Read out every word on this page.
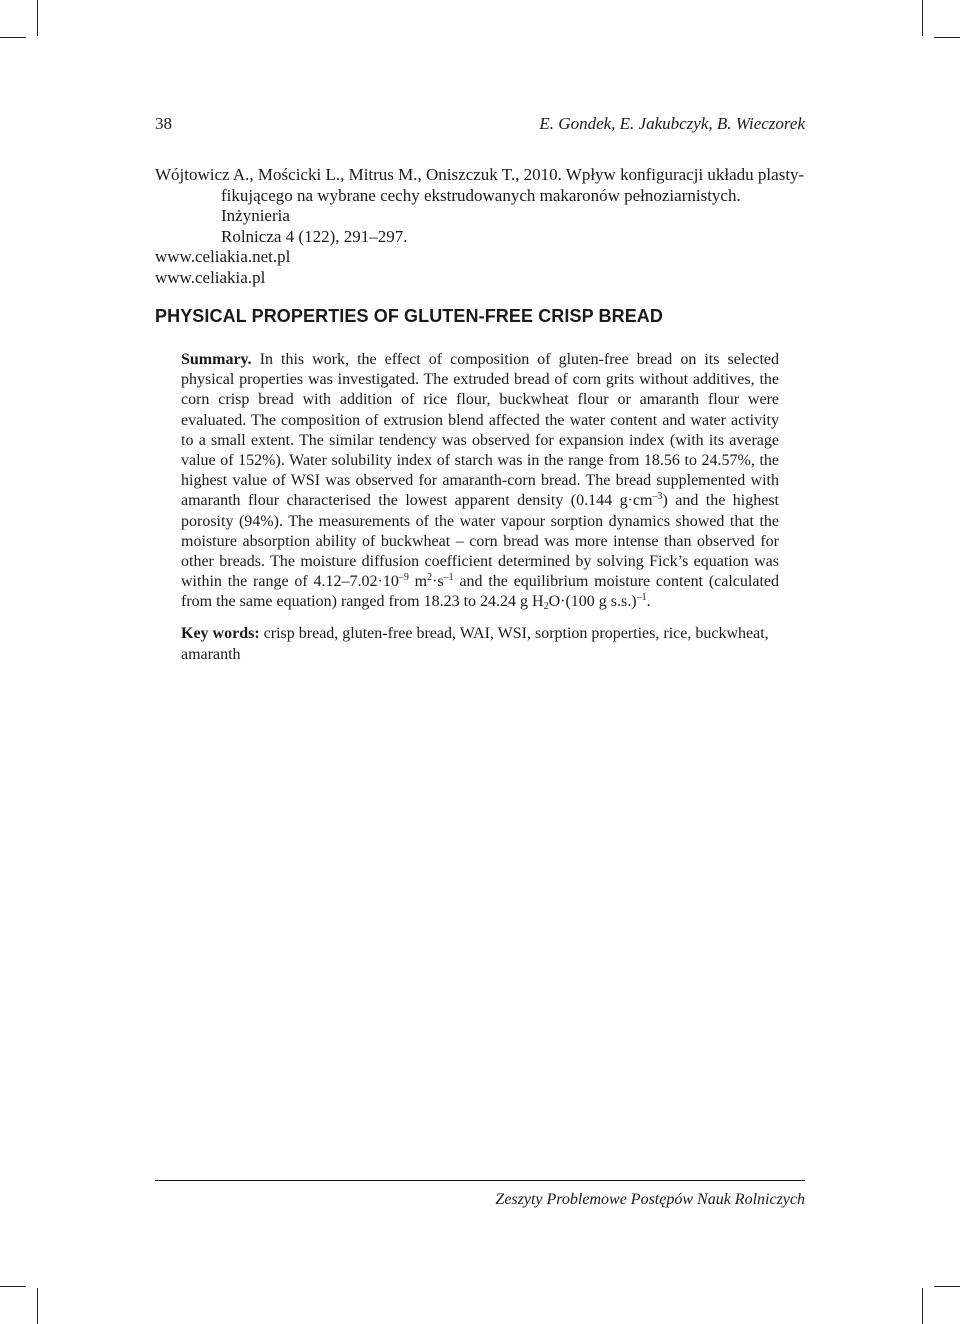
38	E. Gondek, E. Jakubczyk, B. Wieczorek
Wójtowicz A., Mościcki L., Mitrus M., Oniszczuk T., 2010. Wpływ konfiguracji układu plasty-
fikującego na wybrane cechy ekstrudowanych makaronów pełnoziarnistych. Inżynieria
Rolnicza 4 (122), 291–297.
www.celiakia.net.pl
www.celiakia.pl
PHYSICAL PROPERTIES OF GLUTEN-FREE CRISP BREAD
Summary. In this work, the effect of composition of gluten-free bread on its selected physical properties was investigated. The extruded bread of corn grits without additives, the corn crisp bread with addition of rice flour, buckwheat flour or amaranth flour were evaluated. The composition of extrusion blend affected the water content and water activity to a small extent. The similar tendency was observed for expansion index (with its average value of 152%). Water solubility index of starch was in the range from 18.56 to 24.57%, the highest value of WSI was observed for amaranth-corn bread. The bread supplemented with amaranth flour characterised the lowest apparent density (0.144 $g\cdot cm^{-3}$) and the highest porosity (94%). The measurements of the water vapour sorption dynamics showed that the moisture absorption ability of buckwheat – corn bread was more intense than observed for other breads. The moisture diffusion coefficient determined by solving Fick’s equation was within the range of $4.12-7.02\cdot 10^{-9}$ $m^2\cdot s^{-1}$ and the equilibrium moisture content (calculated from the same equation) ranged from 18.23 to 24.24 g $H_2O\cdot(100$ g s.s.)$^{-1}$.
Key words: crisp bread, gluten-free bread, WAI, WSI, sorption properties, rice, buckwheat, amaranth
Zeszyty Problemowe Postępów Nauk Rolniczych
